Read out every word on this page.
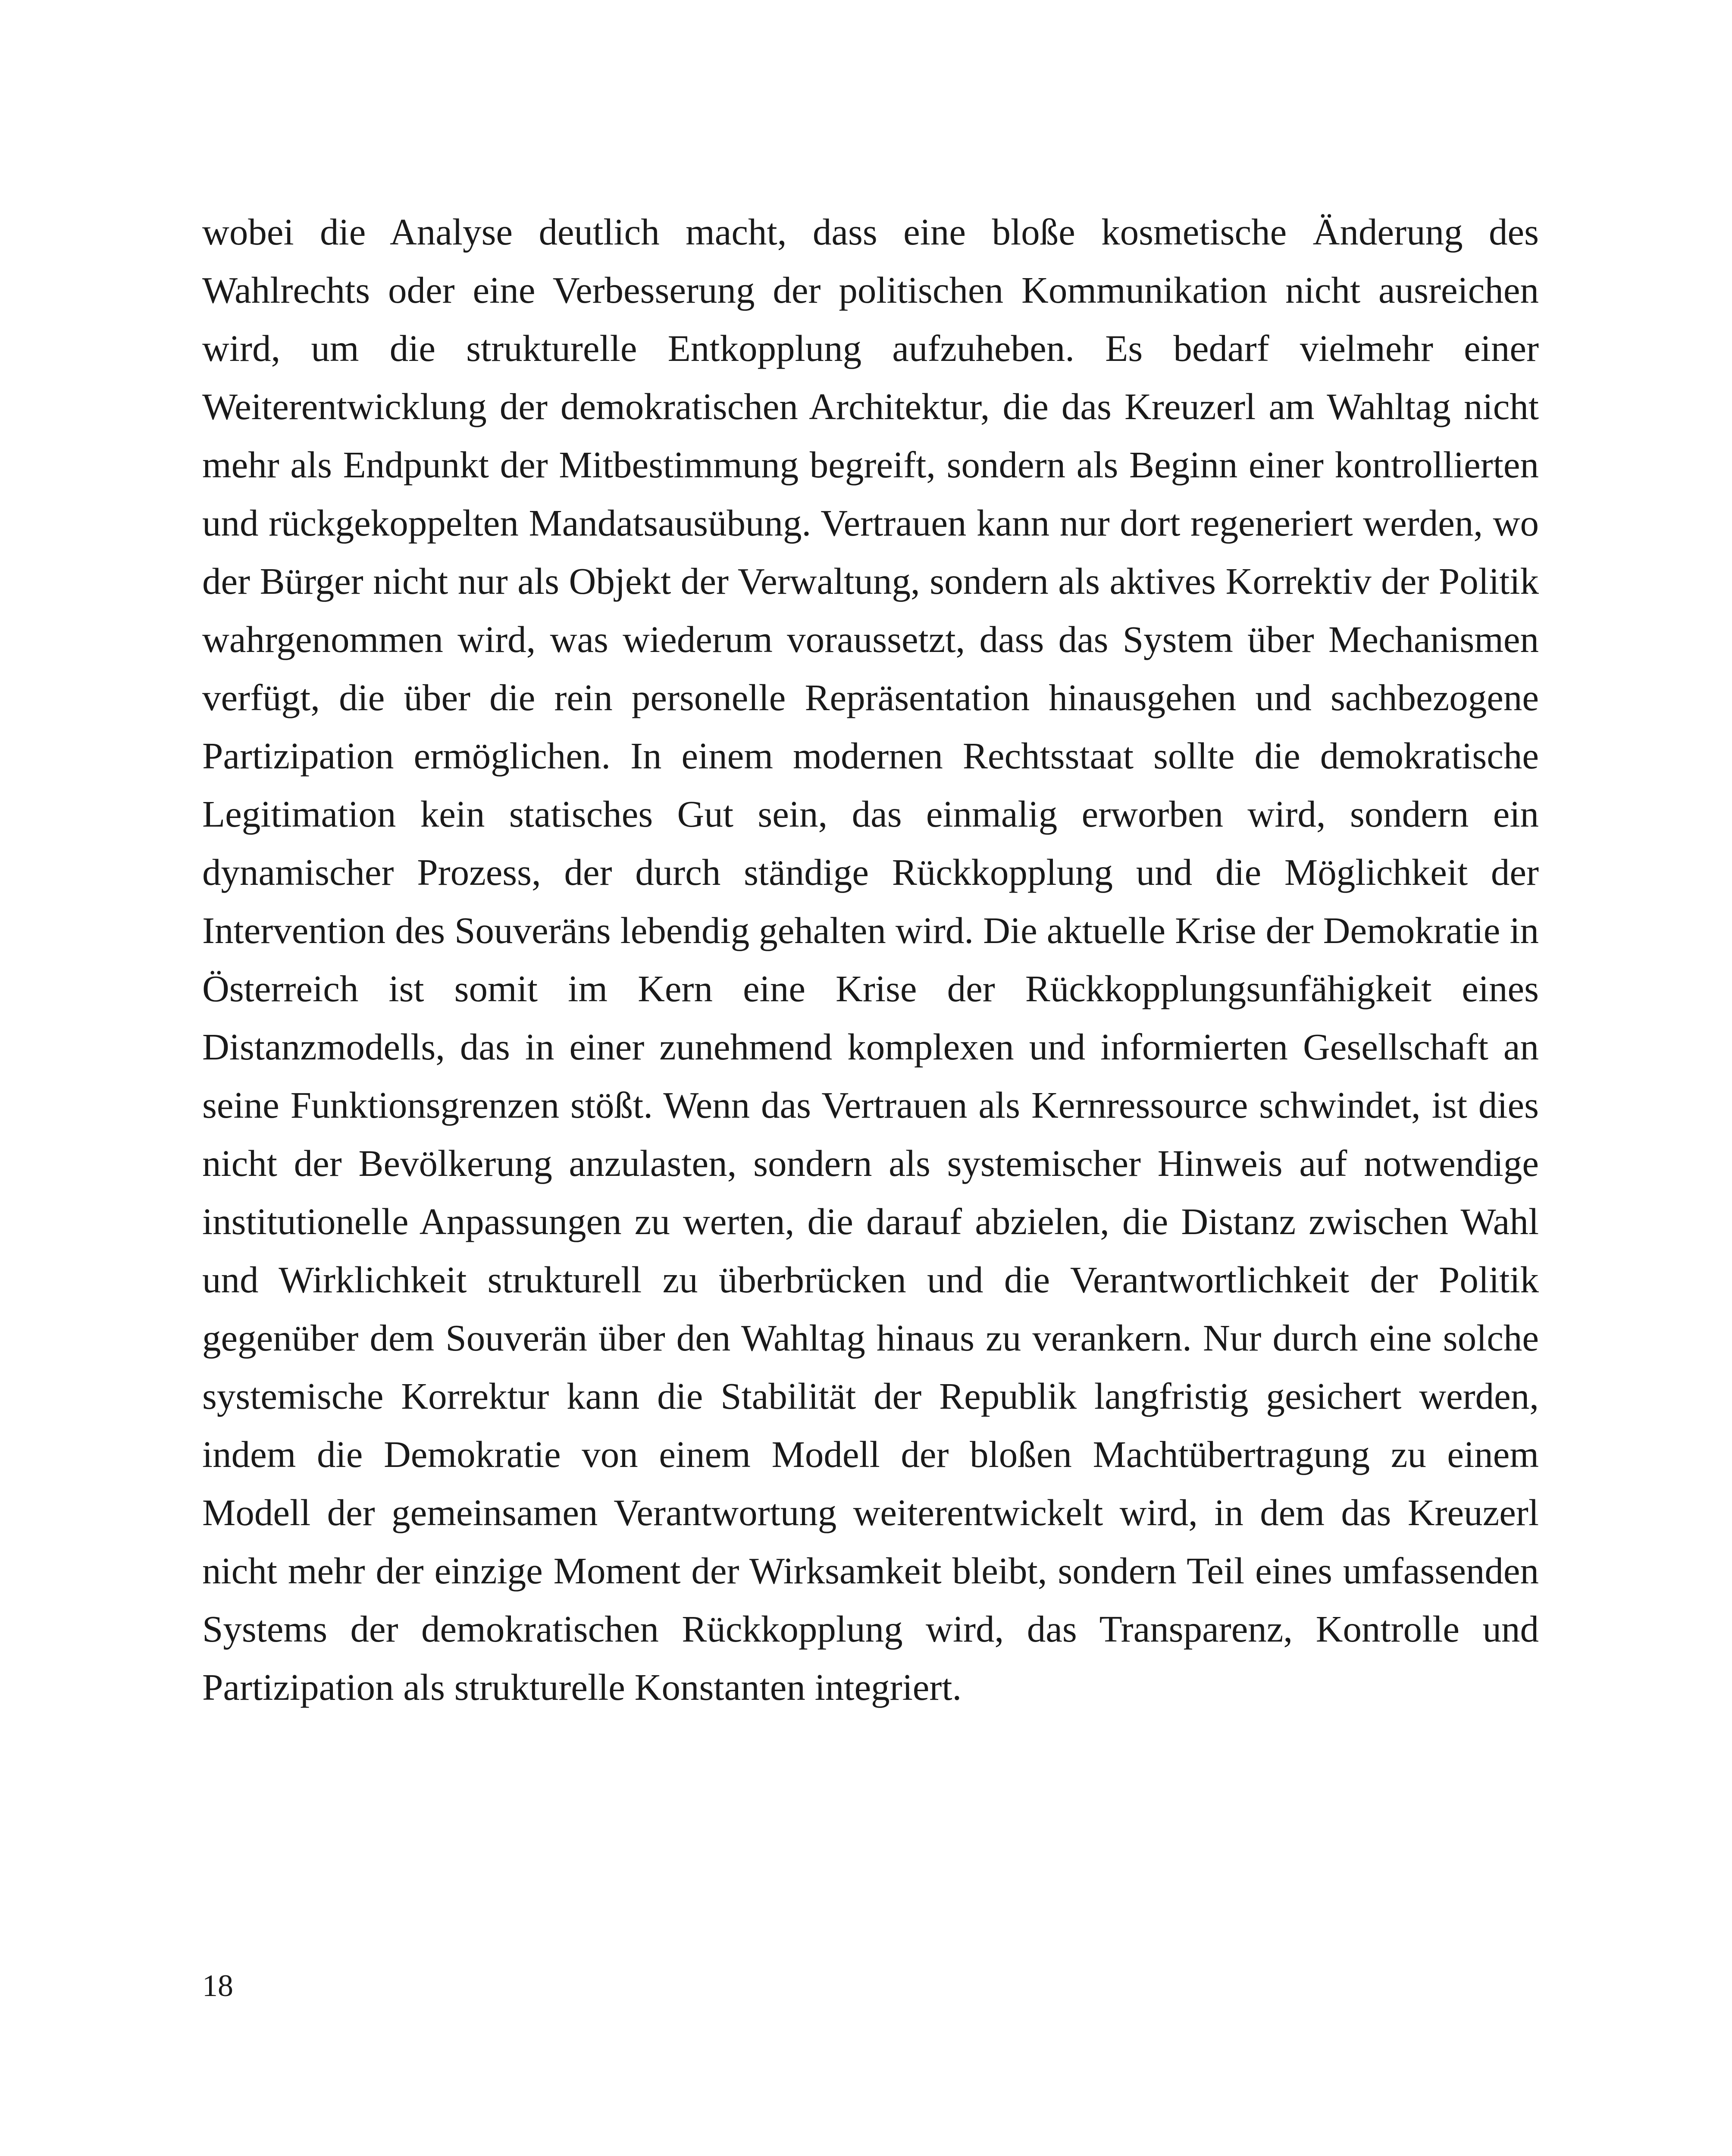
wobei die Analyse deutlich macht, dass eine bloße kosmetische Änderung des Wahlrechts oder eine Verbesserung der politischen Kommunikation nicht ausreichen wird, um die strukturelle Entkopplung aufzuheben. Es bedarf vielmehr einer Weiterentwicklung der demokratischen Architektur, die das Kreuzerl am Wahltag nicht mehr als Endpunkt der Mitbestimmung begreift, sondern als Beginn einer kontrollierten und rückgekoppelten Mandatsausübung. Vertrauen kann nur dort regeneriert werden, wo der Bürger nicht nur als Objekt der Verwaltung, sondern als aktives Korrektiv der Politik wahrgenommen wird, was wiederum voraussetzt, dass das System über Mechanismen verfügt, die über die rein personelle Repräsentation hinausgehen und sachbezogene Partizipation ermöglichen. In einem modernen Rechtsstaat sollte die demokratische Legitimation kein statisches Gut sein, das einmalig erworben wird, sondern ein dynamischer Prozess, der durch ständige Rückkopplung und die Möglichkeit der Intervention des Souveräns lebendig gehalten wird. Die aktuelle Krise der Demokratie in Österreich ist somit im Kern eine Krise der Rückkopplungsunfähigkeit eines Distanzmodells, das in einer zunehmend komplexen und informierten Gesellschaft an seine Funktionsgrenzen stößt. Wenn das Vertrauen als Kernressource schwindet, ist dies nicht der Bevölkerung anzulasten, sondern als systemischer Hinweis auf notwendige institutionelle Anpassungen zu werten, die darauf abzielen, die Distanz zwischen Wahl und Wirklichkeit strukturell zu überbrücken und die Verantwortlichkeit der Politik gegenüber dem Souverän über den Wahltag hinaus zu verankern. Nur durch eine solche systemische Korrektur kann die Stabilität der Republik langfristig gesichert werden, indem die Demokratie von einem Modell der bloßen Machtübertragung zu einem Modell der gemeinsamen Verantwortung weiterentwickelt wird, in dem das Kreuzerl nicht mehr der einzige Moment der Wirksamkeit bleibt, sondern Teil eines umfassenden Systems der demokratischen Rückkopplung wird, das Transparenz, Kontrolle und Partizipation als strukturelle Konstanten integriert.

18
